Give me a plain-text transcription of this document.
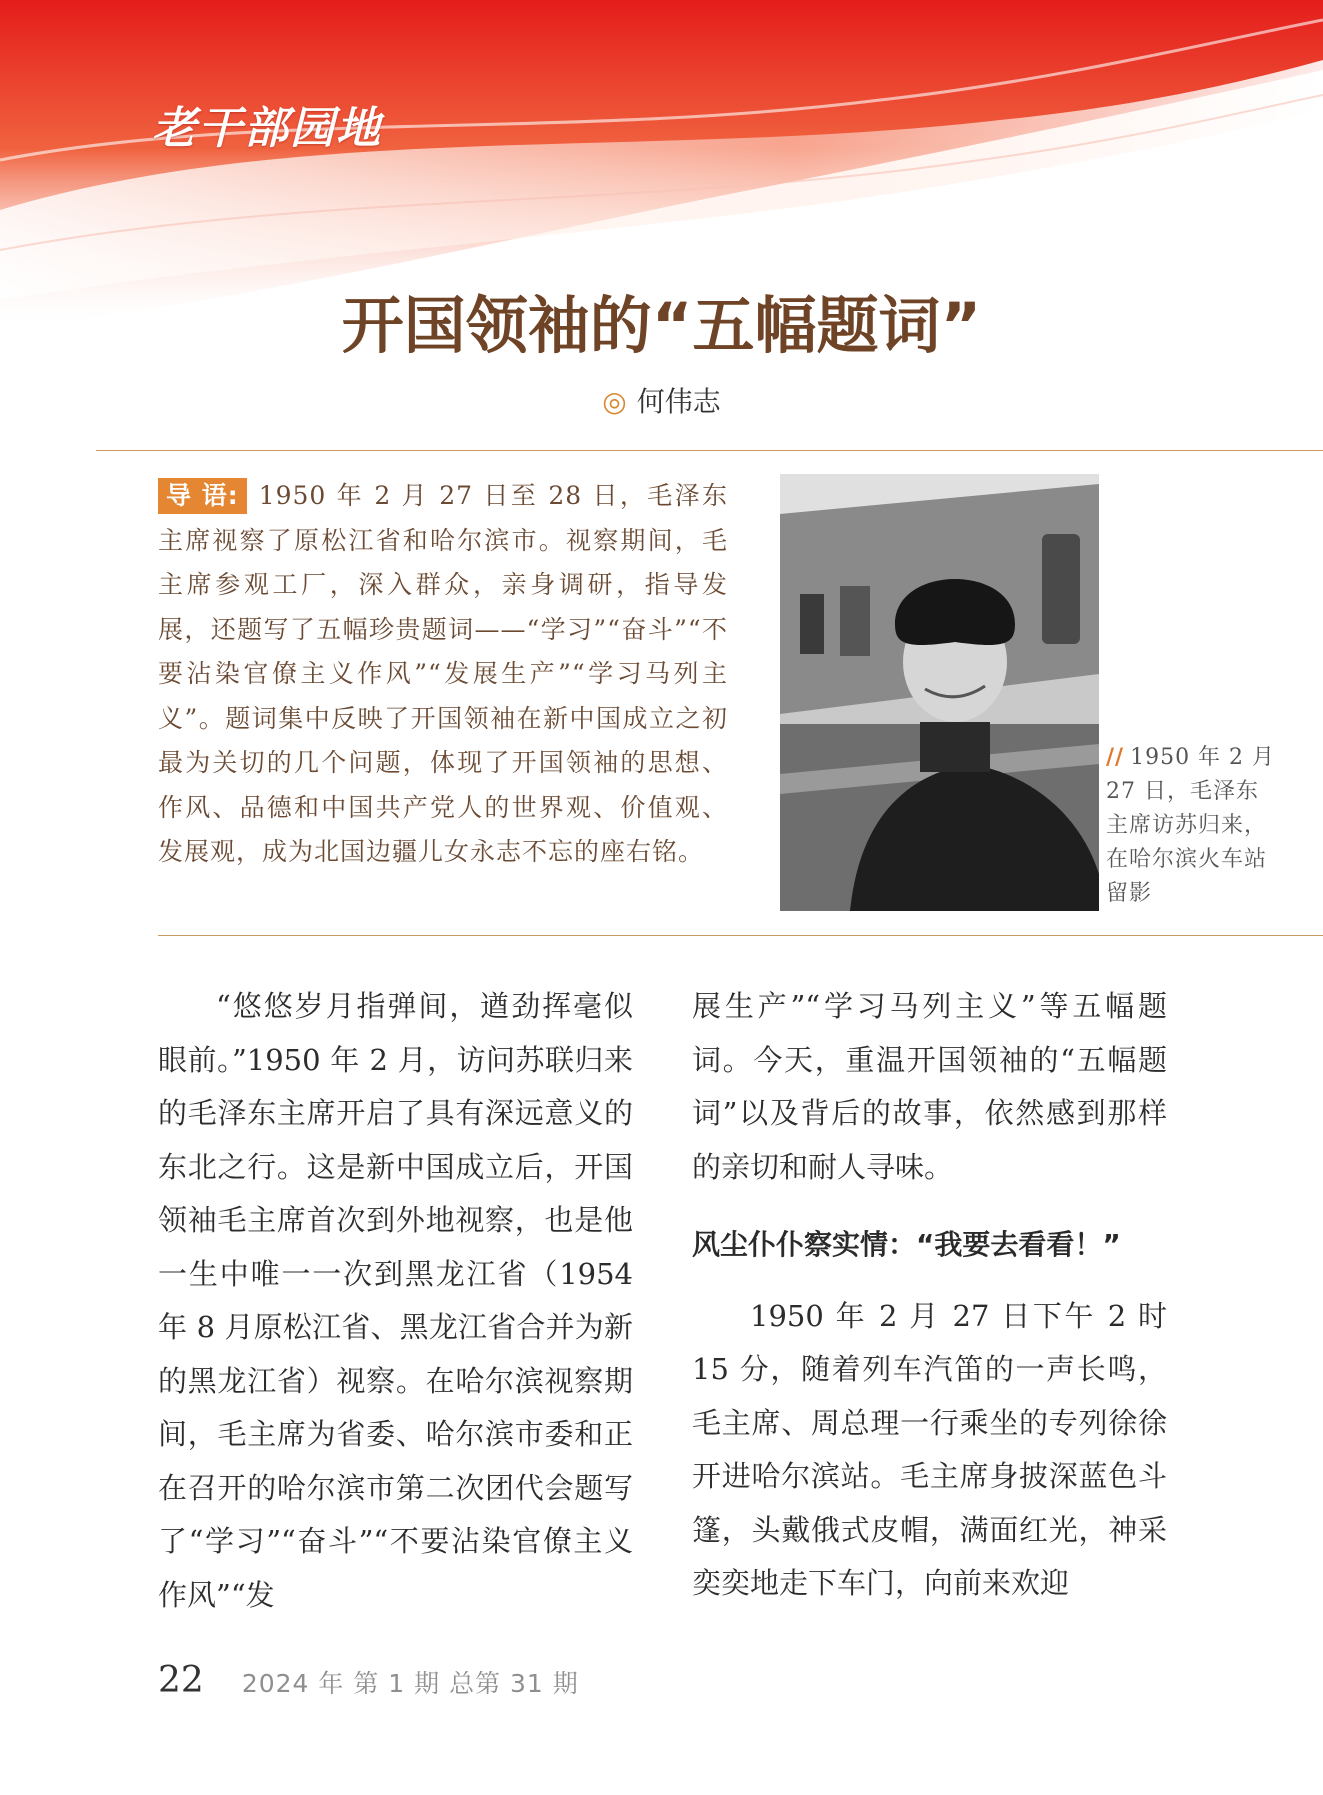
老干部园地
开国领袖的“五幅题词”
◎ 何伟志
导 语: 1950 年 2 月 27 日至 28 日，毛泽东主席视察了原松江省和哈尔滨市。视察期间，毛主席参观工厂，深入群众，亲身调研，指导发展，还题写了五幅珍贵题词——“学习”“奋斗”“不要沾染官僚主义作风”“发展生产”“学习马列主义”。题词集中反映了开国领袖在新中国成立之初最为关切的几个问题，体现了开国领袖的思想、作风、品德和中国共产党人的世界观、价值观、发展观，成为北国边疆儿女永志不忘的座右铭。
// 1950 年 2 月 27 日，毛泽东主席访苏归来，在哈尔滨火车站留影

“悠悠岁月指弹间，遒劲挥毫似眼前。”1950 年 2 月，访问苏联归来的毛泽东主席开启了具有深远意义的东北之行。这是新中国成立后，开国领袖毛主席首次到外地视察，也是他一生中唯一一次到黑龙江省（1954 年 8 月原松江省、黑龙江省合并为新的黑龙江省）视察。在哈尔滨视察期间，毛主席为省委、哈尔滨市委和正在召开的哈尔滨市第二次团代会题写了“学习”“奋斗”“不要沾染官僚主义作风”“发

展生产”“学习马列主义”等五幅题词。今天，重温开国领袖的“五幅题词”以及背后的故事，依然感到那样的亲切和耐人寻味。

风尘仆仆察实情：“我要去看看！”

1950 年 2 月 27 日下午 2 时 15 分，随着列车汽笛的一声长鸣，毛主席、周总理一行乘坐的专列徐徐开进哈尔滨站。毛主席身披深蓝色斗篷，头戴俄式皮帽，满面红光，神采奕奕地走下车门，向前来欢迎

22 2024 年 第 1 期 总第 31 期
